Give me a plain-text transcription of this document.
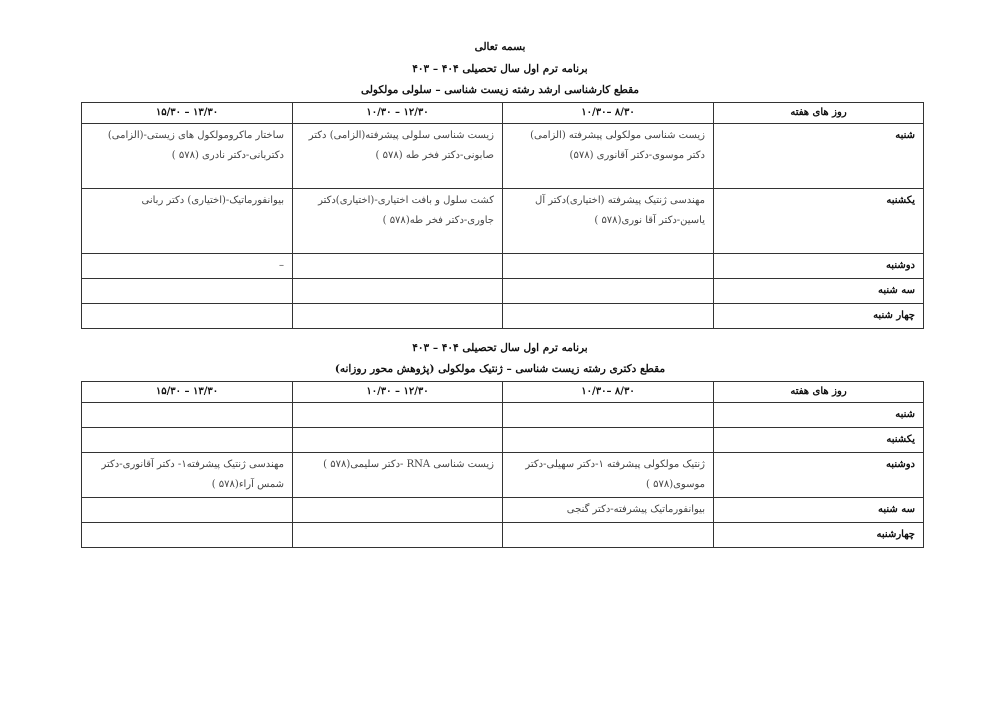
بسمه تعالی
برنامه ترم اول سال تحصیلی ۴۰۴ – ۴۰۳
مقطع کارشناسی ارشد رشته زیست شناسی – سلولی مولکولی
روز های هفته	۸/۳۰ –۱۰/۳۰	۱۲/۳۰ – ۱۰/۳۰	۱۳/۳۰ – ۱۵/۳۰
شنبه	زیست شناسی مولکولی پیشرفته (الزامی) دکتر موسوی-دکتر آقانوری (۵۷۸)	زیست شناسی سلولی پیشرفته(الزامی) دکتر صابونی-دکتر فخر طه (۵۷۸ )	ساختار ماکرومولکول های زیستی-(الزامی) دکتربانی-دکتر نادری (۵۷۸ )
یکشنبه	مهندسی ژنتیک پیشرفته (اختیاری)دکتر آل یاسین-دکتر آقا نوری(۵۷۸ )	کشت سلول و بافت اختیاری-(اختیاری)دکتر جاوری-دکتر فخر طه(۵۷۸ )	بیوانفورماتیک-(اختیاری) دکتر ربانی
دوشنبه			–
سه شنبه			
چهار شنبه			
برنامه ترم اول سال تحصیلی ۴۰۴ – ۴۰۳
مقطع دکتری رشته زیست شناسی – ژنتیک مولکولی (پژوهش محور روزانه)
روز های هفته	۸/۳۰ –۱۰/۳۰	۱۲/۳۰ – ۱۰/۳۰	۱۳/۳۰ – ۱۵/۳۰
شنبه			
یکشنبه			
دوشنبه	ژنتیک مولکولی پیشرفته ۱-دکتر سهیلی-دکتر موسوی(۵۷۸ )	زیست شناسی RNA -دکتر سلیمی(۵۷۸ )	مهندسی ژنتیک پیشرفته۱- دکتر آقانوری-دکتر شمس آراء(۵۷۸ )
سه شنبه	بیوانفورماتیک پیشرفته-دکتر گنجی		
چهارشنبه			
